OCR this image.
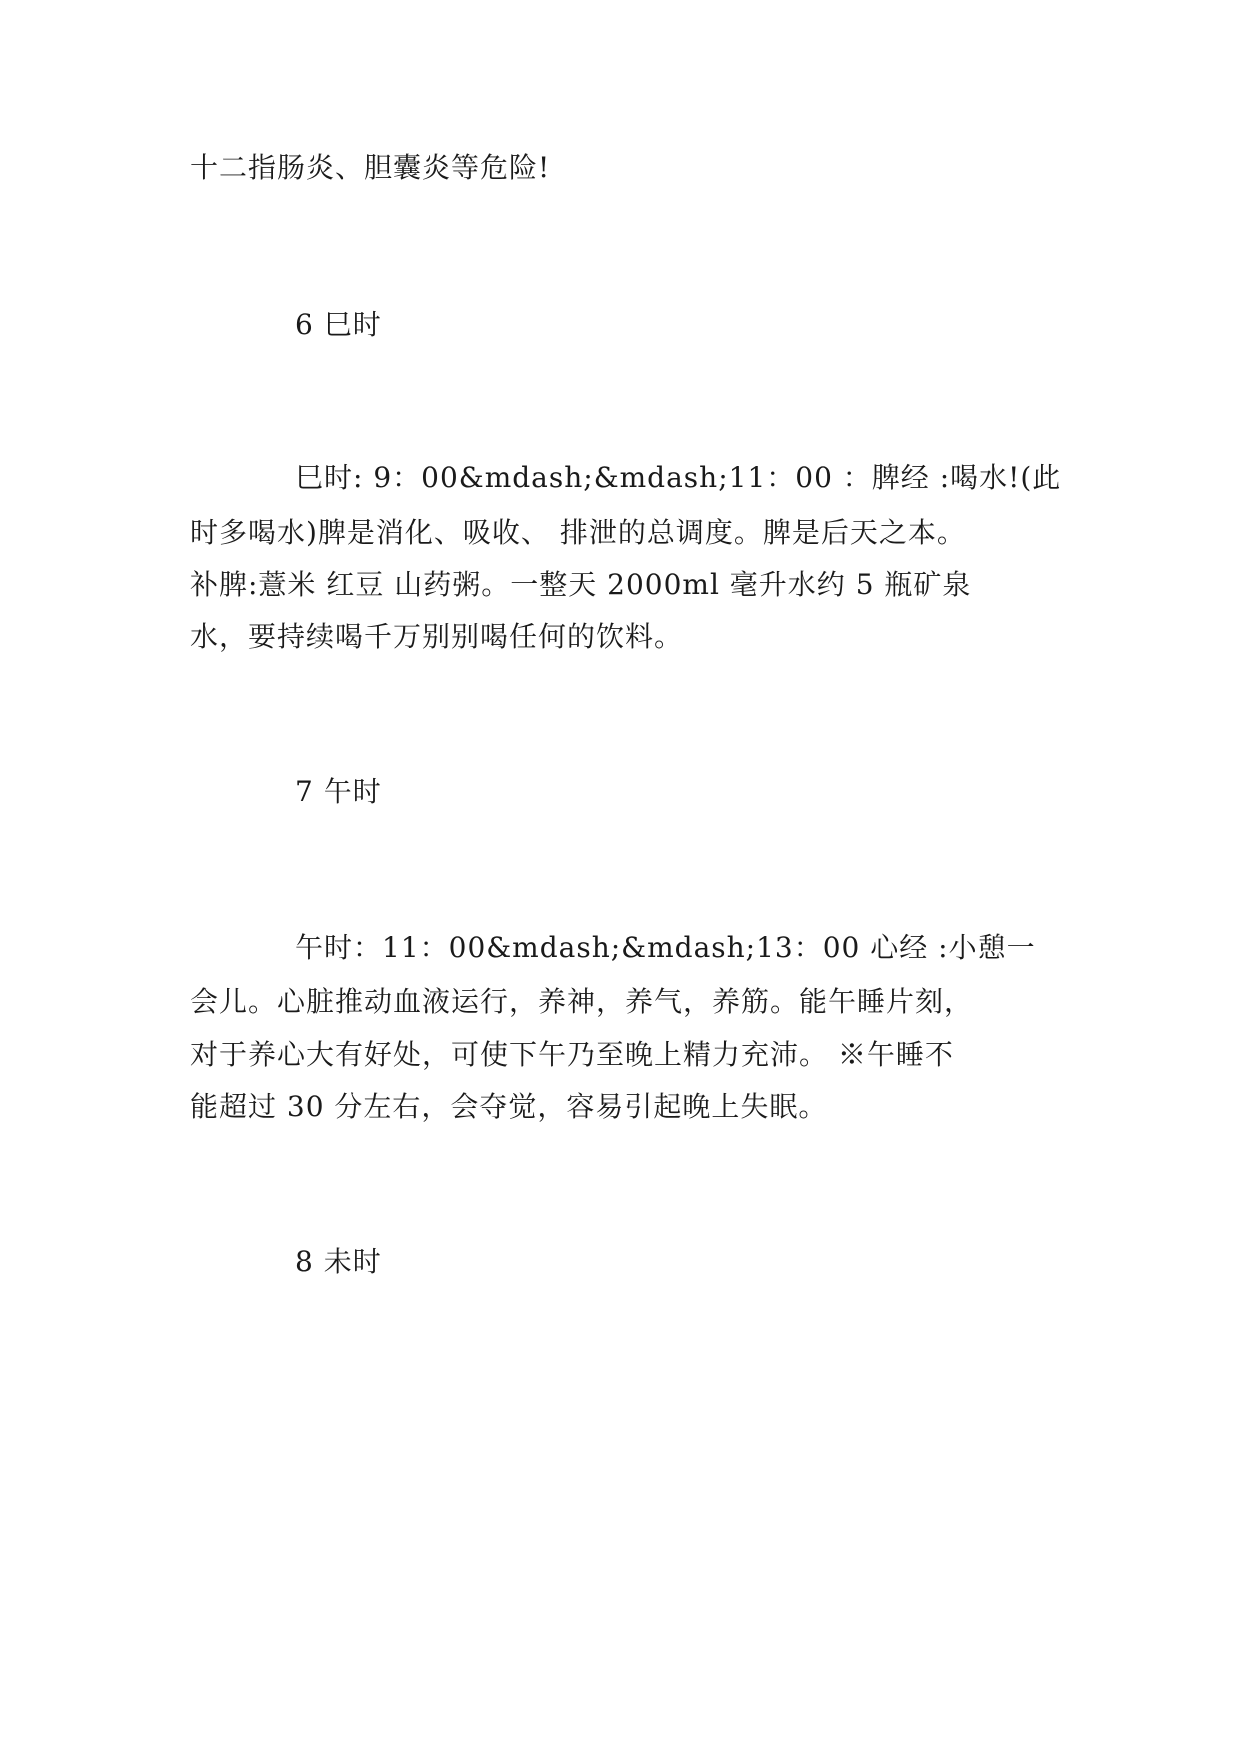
十二指肠炎、胆囊炎等危险!

6 巳时

巳时: 9：00&mdash;&mdash;11：00 ：脾经 :喝水!(此

时多喝水)脾是消化、吸收、 排泄的总调度。脾是后天之本。

补脾:薏米 红豆 山药粥。一整天 2000ml 毫升水约 5 瓶矿泉

水，要持续喝千万别别喝任何的饮料。

7 午时

午时：11：00&mdash;&mdash;13：00 心经 :小憩一

会儿。心脏推动血液运行，养神，养气，养筋。能午睡片刻，

对于养心大有好处，可使下午乃至晚上精力充沛。 ※午睡不

能超过 30 分左右，会夺觉，容易引起晚上失眠。

8 未时
